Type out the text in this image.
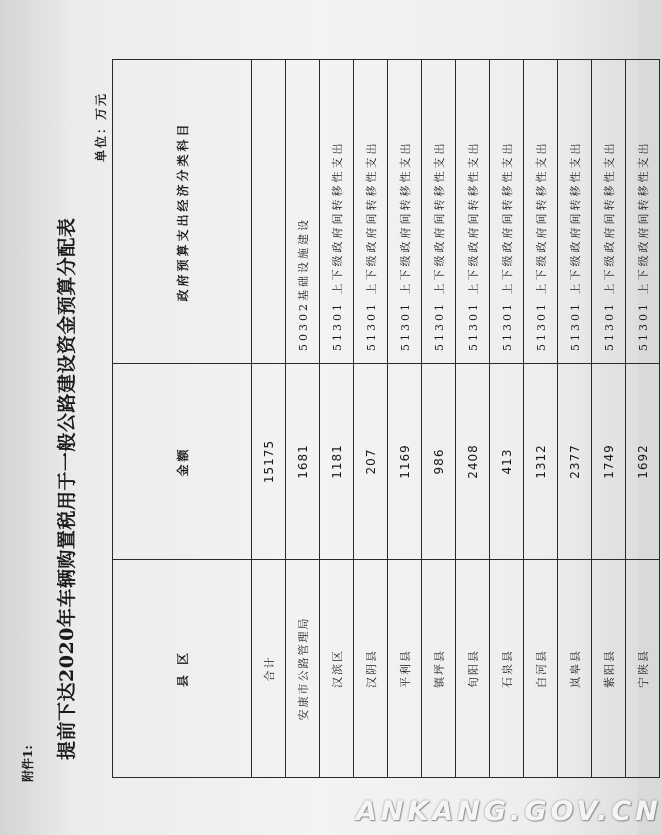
附件1:
提前下达2020年车辆购置税用于一般公路建设资金预算分配表
单位：万元
县 区	金额	政府预算支出经济分类科目
合计	15175	
安康市公路管理局	1681	50302基础设施建设
汉滨区	1181	51301 上下级政府间转移性支出
汉阴县	207	51301 上下级政府间转移性支出
平利县	1169	51301 上下级政府间转移性支出
镇坪县	986	51301 上下级政府间转移性支出
旬阳县	2408	51301 上下级政府间转移性支出
石泉县	413	51301 上下级政府间转移性支出
白河县	1312	51301 上下级政府间转移性支出
岚皋县	2377	51301 上下级政府间转移性支出
紫阳县	1749	51301 上下级政府间转移性支出
宁陕县	1692	51301 上下级政府间转移性支出
ANKANG.GOV.CN
